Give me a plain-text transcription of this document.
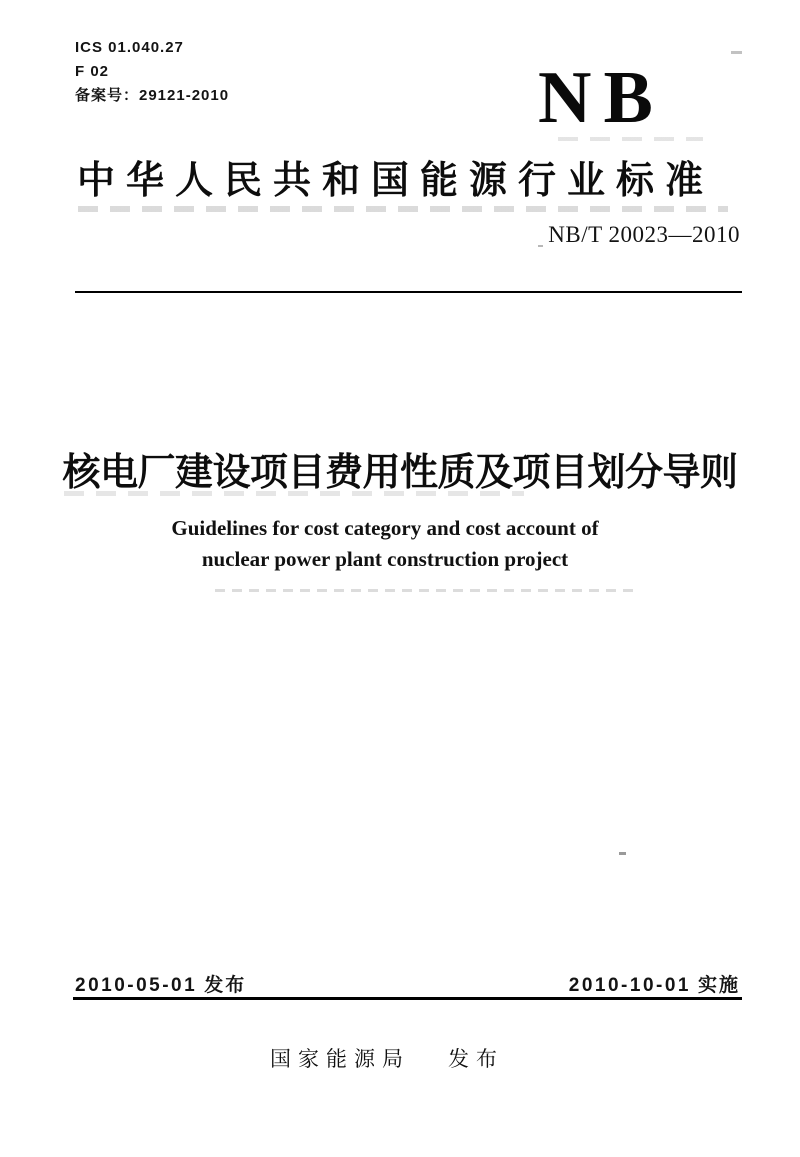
ICS 01.040.27
F 02
备案号：29121-2010	NB
中华人民共和国能源行业标准
NB/T 20023—2010
核电厂建设项目费用性质及项目划分导则
Guidelines for cost category and cost account of
nuclear power plant construction project
2010-05-01 发布	2010-10-01 实施
国家能源局 发布
